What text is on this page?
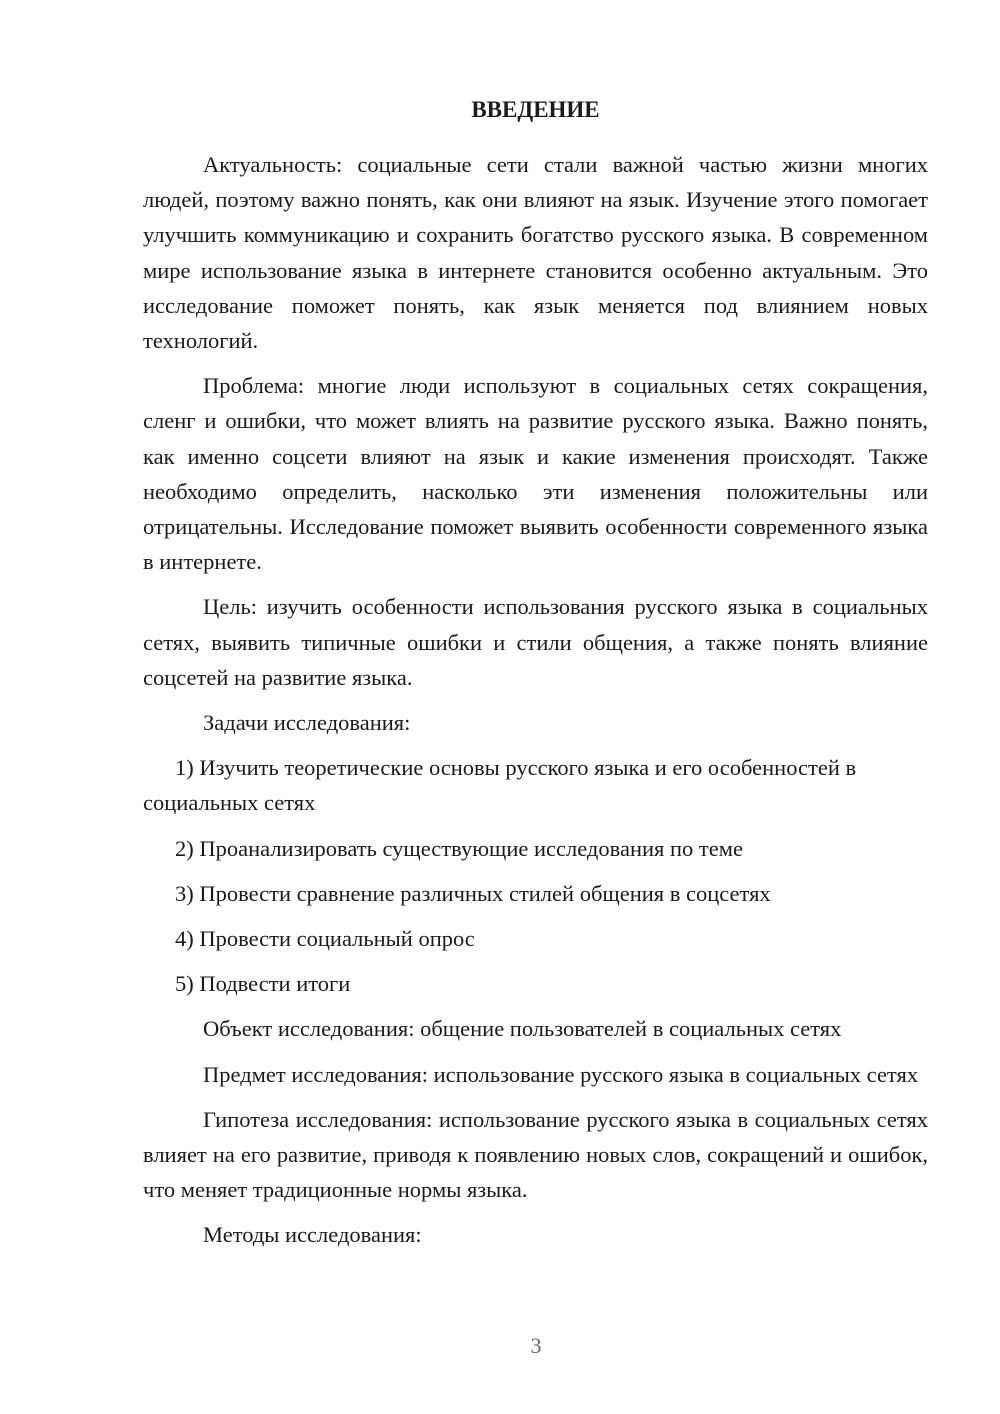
ВВЕДЕНИЕ

Актуальность: социальные сети стали важной частью жизни многих людей, поэтому важно понять, как они влияют на язык. Изучение этого помогает улучшить коммуникацию и сохранить богатство русского языка. В современном мире использование языка в интернете становится особенно актуальным. Это исследование поможет понять, как язык меняется под влиянием новых технологий.

Проблема: многие люди используют в социальных сетях сокращения, сленг и ошибки, что может влиять на развитие русского языка. Важно понять, как именно соцсети влияют на язык и какие изменения происходят. Также необходимо определить, насколько эти изменения положительны или отрицательны. Исследование поможет выявить особенности современного языка в интернете.

Цель: изучить особенности использования русского языка в социальных сетях, выявить типичные ошибки и стили общения, а также понять влияние соцсетей на развитие языка.

Задачи исследования:

1) Изучить теоретические основы русского языка и его особенностей в социальных сетях

2) Проанализировать существующие исследования по теме

3) Провести сравнение различных стилей общения в соцсетях

4) Провести социальный опрос

5) Подвести итоги

Объект исследования: общение пользователей в социальных сетях

Предмет исследования: использование русского языка в социальных сетях

Гипотеза исследования: использование русского языка в социальных сетях влияет на его развитие, приводя к появлению новых слов, сокращений и ошибок, что меняет традиционные нормы языка.

Методы исследования:

3
